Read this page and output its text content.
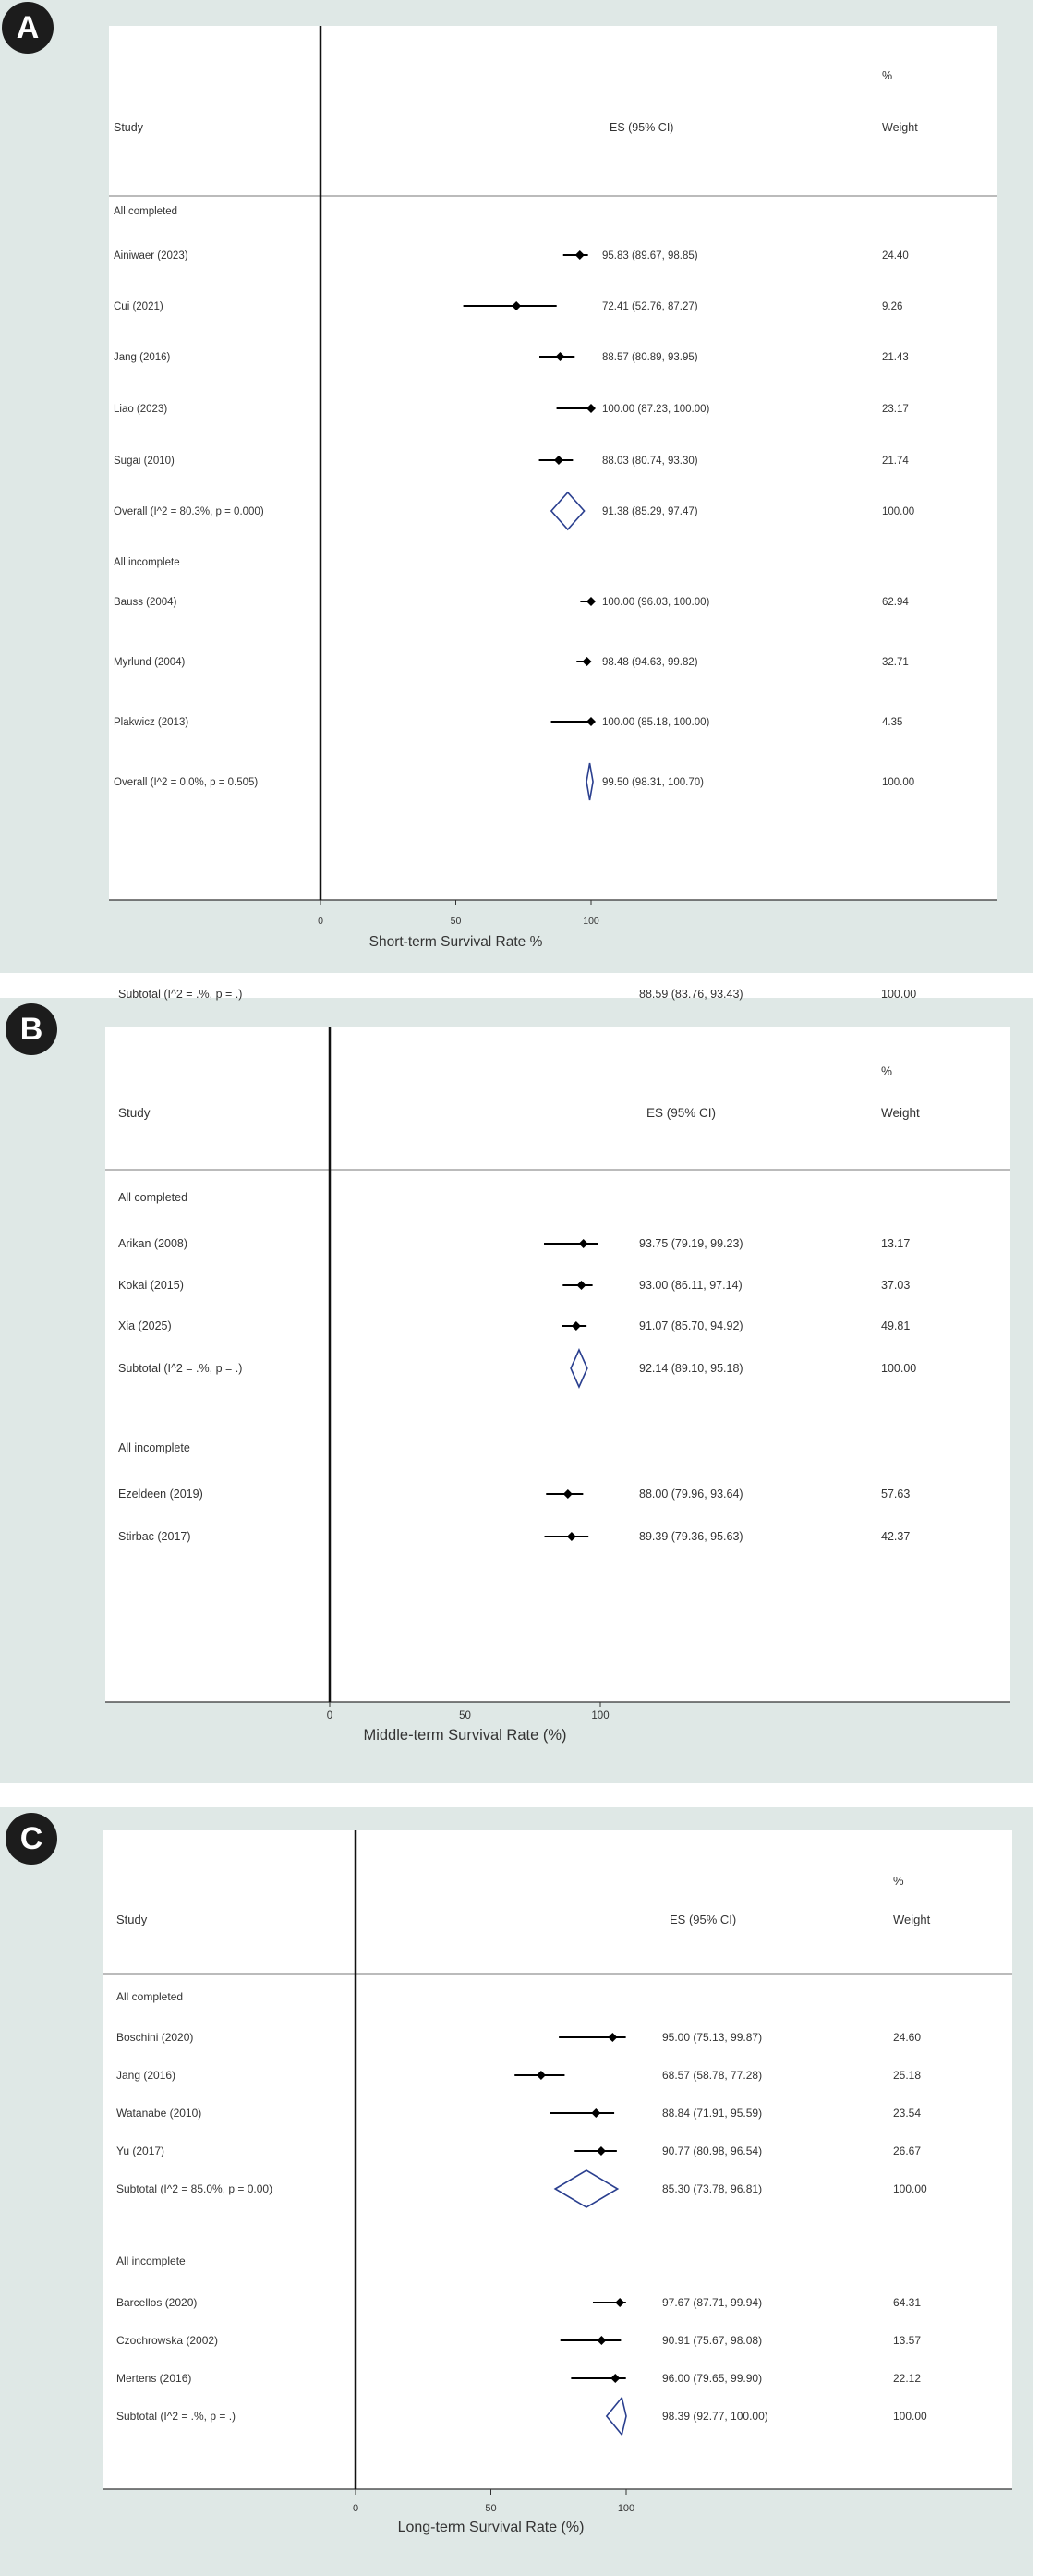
A
%
Study	ES (95% CI)	Weight
0	50	100
Short-term Survival Rate %
All completed
Ainiwaer (2023)	95.83 (89.67, 98.85)	24.40
Cui (2021)	72.41 (52.76, 87.27)	9.26
Jang (2016)	88.57 (80.89, 93.95)	21.43
Liao (2023)	100.00 (87.23, 100.00)	23.17
Sugai (2010)	88.03 (80.74, 93.30)	21.74
Overall (I^2 = 80.3%, p = 0.000)	91.38 (85.29, 97.47)	100.00
All incomplete
Bauss (2004)	100.00 (96.03, 100.00)	62.94
Myrlund (2004)	98.48 (94.63, 99.82)	32.71
Plakwicz (2013)	100.00 (85.18, 100.00)	4.35
Overall (I^2 = 0.0%, p = 0.505)	99.50 (98.31, 100.70)	100.00
B
%
Study	ES (95% CI)	Weight
0	50	100
Middle-term Survival Rate (%)
All completed
Arikan (2008)	93.75 (79.19, 99.23)	13.17
Kokai (2015)	93.00 (86.11, 97.14)	37.03
Xia (2025)	91.07 (85.70, 94.92)	49.81
Subtotal (I^2 = .%, p = .)	92.14 (89.10, 95.18)	100.00
All incomplete
Ezeldeen (2019)	88.00 (79.96, 93.64)	57.63
Stirbac (2017)	89.39 (79.36, 95.63)	42.37
Subtotal (I^2 = .%, p = .)	88.59 (83.76, 93.43)	100.00
C
%
Study	ES (95% CI)	Weight
0	50	100
Long-term Survival Rate (%)
All completed
Boschini (2020)	95.00 (75.13, 99.87)	24.60
Jang (2016)	68.57 (58.78, 77.28)	25.18
Watanabe (2010)	88.84 (71.91, 95.59)	23.54
Yu (2017)	90.77 (80.98, 96.54)	26.67
Subtotal (I^2 = 85.0%, p = 0.00)	85.30 (73.78, 96.81)	100.00
All incomplete
Barcellos (2020)	97.67 (87.71, 99.94)	64.31
Czochrowska (2002)	90.91 (75.67, 98.08)	13.57
Mertens (2016)	96.00 (79.65, 99.90)	22.12
Subtotal (I^2 = .%, p = .)	98.39 (92.77, 100.00)	100.00
